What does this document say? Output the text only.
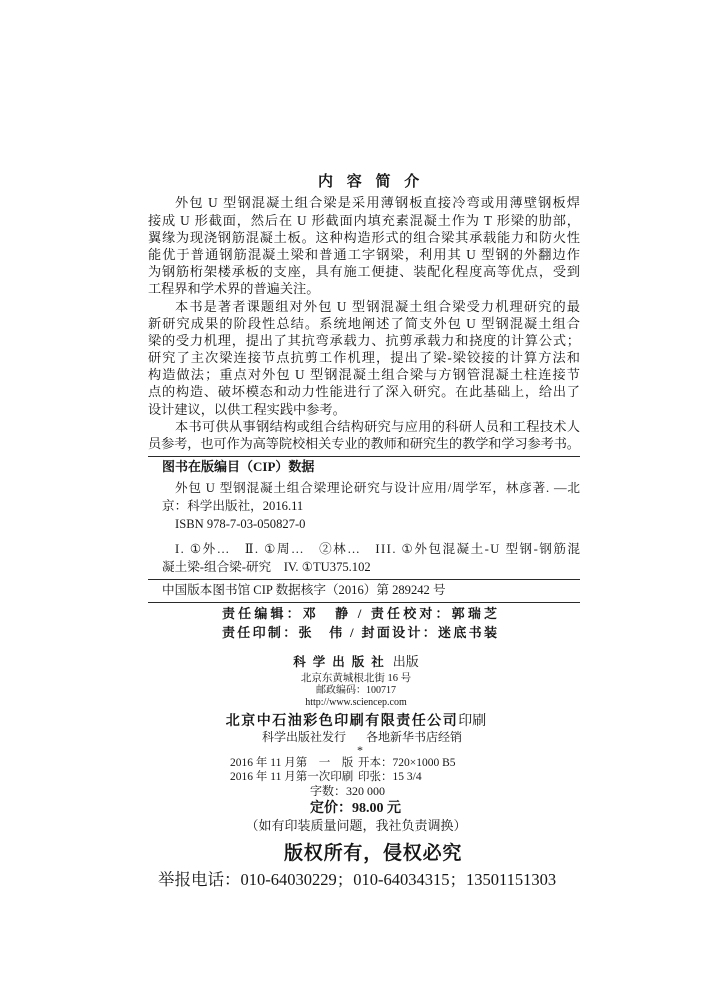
内 容 简 介
外包 U 型钢混凝土组合梁是采用薄钢板直接冷弯或用薄壁钢板焊
接成 U 形截面，然后在 U 形截面内填充素混凝土作为 T 形梁的肋部，
翼缘为现浇钢筋混凝土板。这种构造形式的组合梁其承载能力和防火性
能优于普通钢筋混凝土梁和普通工字钢梁，利用其 U 型钢的外翻边作
为钢筋桁架楼承板的支座，具有施工便捷、装配化程度高等优点，受到
工程界和学术界的普遍关注。
本书是著者课题组对外包 U 型钢混凝土组合梁受力机理研究的最
新研究成果的阶段性总结。系统地阐述了简支外包 U 型钢混凝土组合
梁的受力机理，提出了其抗弯承载力、抗剪承载力和挠度的计算公式；
研究了主次梁连接节点抗剪工作机理，提出了梁-梁铰接的计算方法和
构造做法；重点对外包 U 型钢混凝土组合梁与方钢管混凝土柱连接节
点的构造、破坏模态和动力性能进行了深入研究。在此基础上，给出了
设计建议，以供工程实践中参考。
本书可供从事钢结构或组合结构研究与应用的科研人员和工程技术人
员参考，也可作为高等院校相关专业的教师和研究生的教学和学习参考书。
图书在版编目（CIP）数据
外包 U 型钢混凝土组合梁理论研究与设计应用/周学军，林彦著. —北
京：科学出版社，2016.11
ISBN 978-7-03-050827-0
I. ①外…　Ⅱ. ①周…　②林…　III. ①外包混凝土-U 型钢-钢筋混
凝土梁-组合梁-研究　IV. ①TU375.102
中国版本图书馆 CIP 数据核字（2016）第 289242 号
责任编辑：邓　静 / 责任校对：郭瑞芝
责任印制：张　伟 / 封面设计：迷底书装
科学出版社 出版
北京东黄城根北街 16 号
邮政编码：100717
http://www.sciencep.com
北京中石油彩色印刷有限责任公司印刷
科学出版社发行 各地新华书店经销
*
2016 年 11 月第　一　版 开本：720×1000 B5
2016 年 11 月第一次印刷 印张：15 3/4
字数：320 000
定价：98.00 元
（如有印装质量问题，我社负责调换）
版权所有，侵权必究
举报电话：010-64030229；010-64034315；13501151303
